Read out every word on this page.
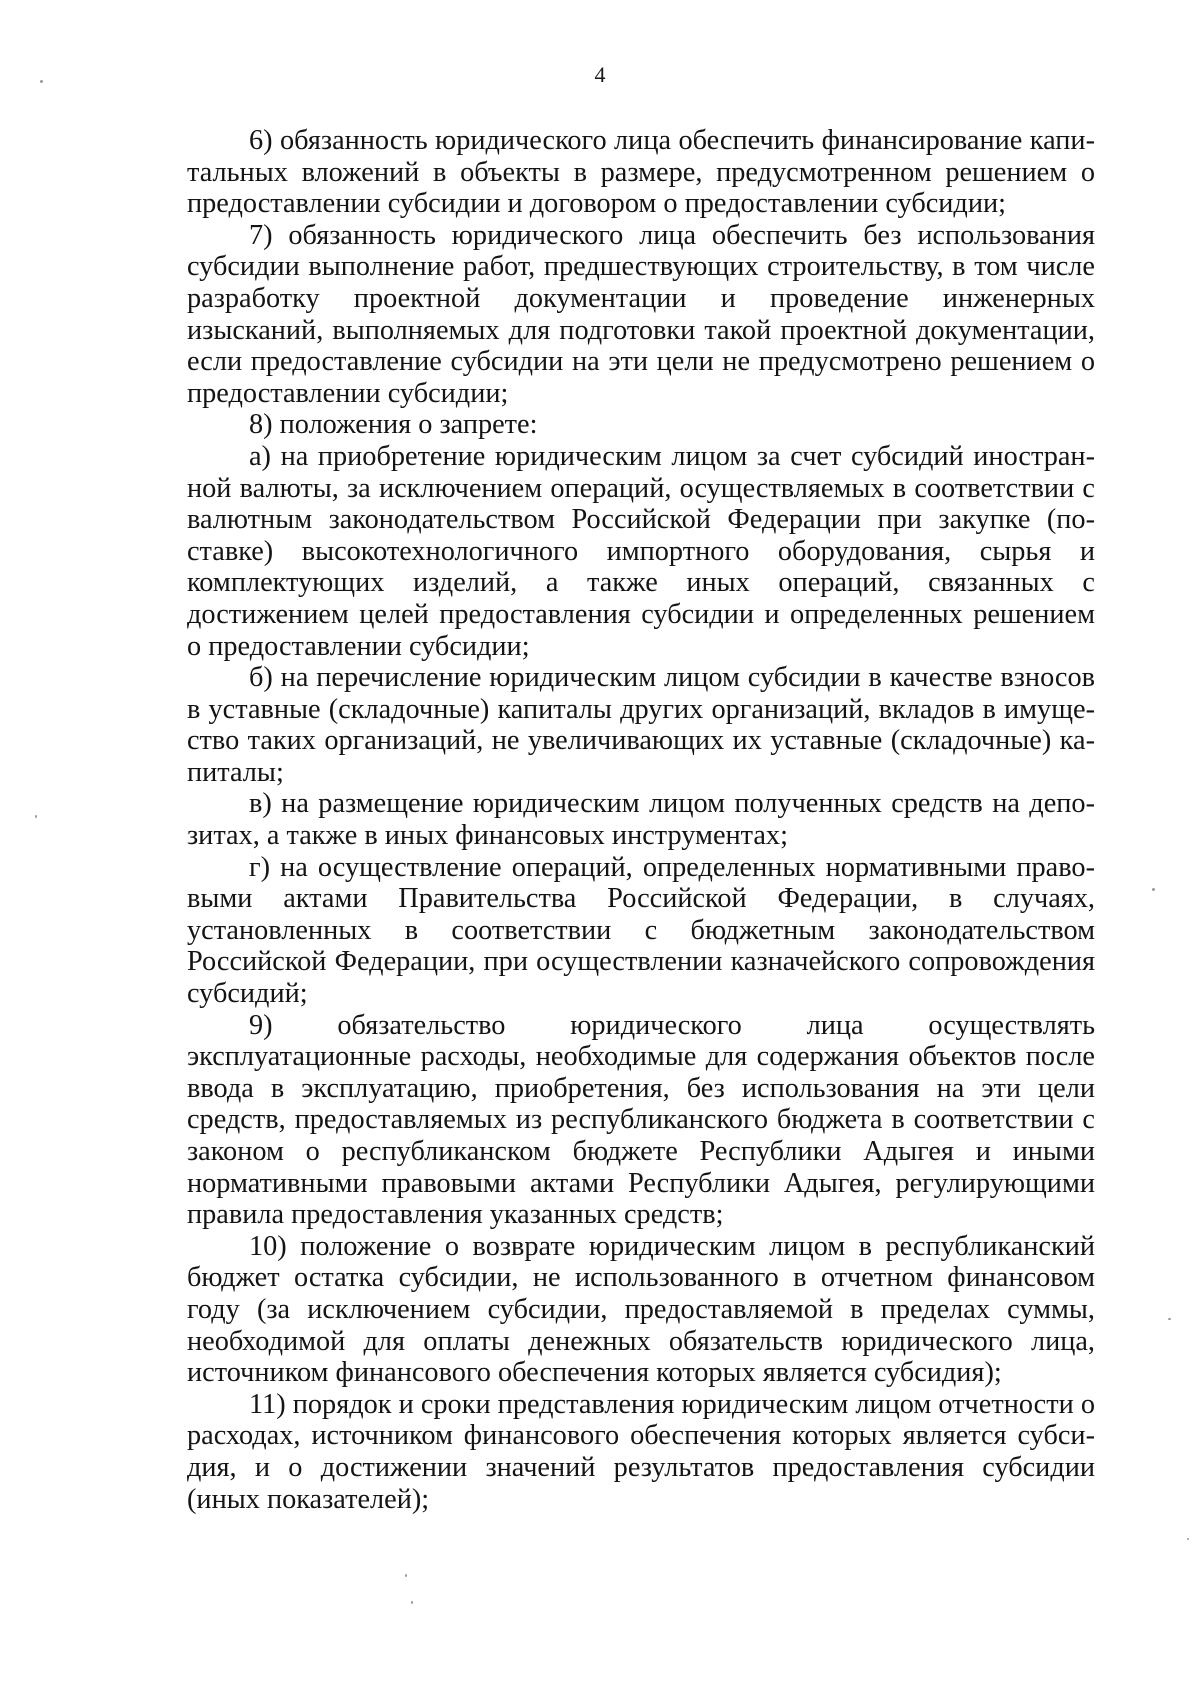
4

6) обязанность юридического лица обеспечить финансирование капитальных вложений в объекты в размере, предусмотренном решением о предоставлении субсидии и договором о предоставлении субсидии;

7) обязанность юридического лица обеспечить без использования субсидии выполнение работ, предшествующих строительству, в том числе разработку проектной документации и проведение инженерных изысканий, выполняемых для подготовки такой проектной документации, если предоставление субсидии на эти цели не предусмотрено решением о предоставлении субсидии;

8) положения о запрете:

а) на приобретение юридическим лицом за счет субсидий иностранной валюты, за исключением операций, осуществляемых в соответствии с валютным законодательством Российской Федерации при закупке (поставке) высокотехнологичного импортного оборудования, сырья и комплектующих изделий, а также иных операций, связанных с достижением целей предоставления субсидии и определенных решением о предоставлении субсидии;

б) на перечисление юридическим лицом субсидии в качестве взносов в уставные (складочные) капиталы других организаций, вкладов в имущество таких организаций, не увеличивающих их уставные (складочные) капиталы;

в) на размещение юридическим лицом полученных средств на депозитах, а также в иных финансовых инструментах;

г) на осуществление операций, определенных нормативными правовыми актами Правительства Российской Федерации, в случаях, установленных в соответствии с бюджетным законодательством Российской Федерации, при осуществлении казначейского сопровождения субсидий;

9) обязательство юридического лица осуществлять эксплуатационные расходы, необходимые для содержания объектов после ввода в эксплуатацию, приобретения, без использования на эти цели средств, предоставляемых из республиканского бюджета в соответствии с законом о республиканском бюджете Республики Адыгея и иными нормативными правовыми актами Республики Адыгея, регулирующими правила предоставления указанных средств;

10) положение о возврате юридическим лицом в республиканский бюджет остатка субсидии, не использованного в отчетном финансовом году (за исключением субсидии, предоставляемой в пределах суммы, необходимой для оплаты денежных обязательств юридического лица, источником финансового обеспечения которых является субсидия);

11) порядок и сроки представления юридическим лицом отчетности о расходах, источником финансового обеспечения которых является субсидия, и о достижении значений результатов предоставления субсидии (иных показателей);
